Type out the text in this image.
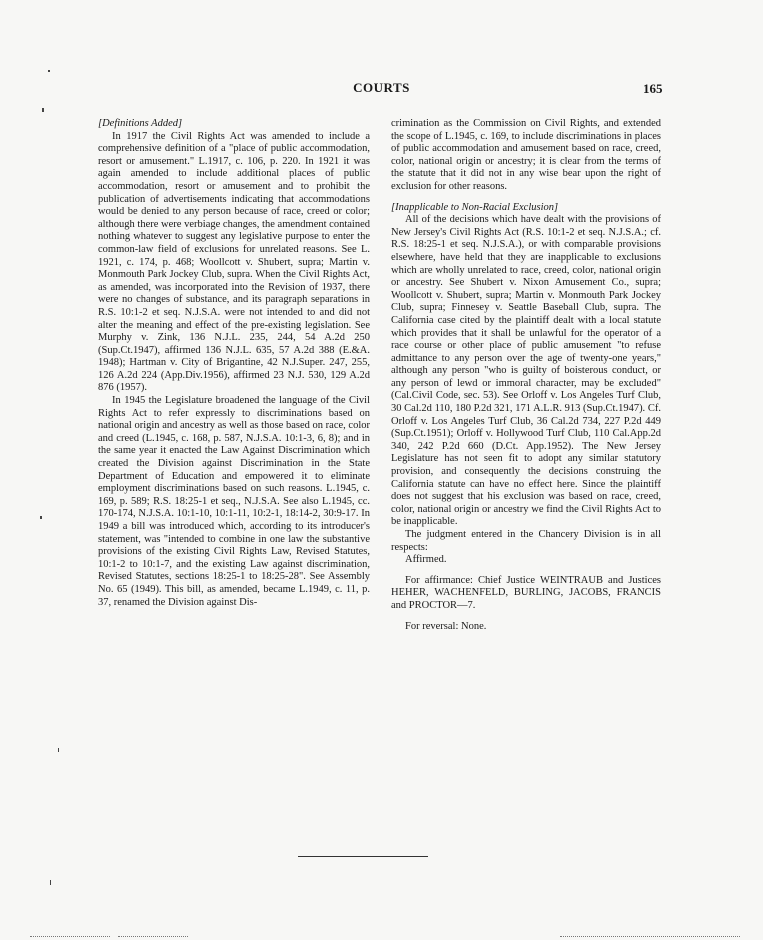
COURTS	165

[Definitions Added]

In 1917 the Civil Rights Act was amended to include a comprehensive definition of a "place of public accommodation, resort or amusement." L.1917, c. 106, p. 220. In 1921 it was again amended to include additional places of public accommodation, resort or amusement and to prohibit the publication of advertisements indicating that accommodations would be denied to any person because of race, creed or color; although there were verbiage changes, the amendment contained nothing whatever to suggest any legislative purpose to enter the common-law field of exclusions for unrelated reasons. See L. 1921, c. 174, p. 468; Woollcott v. Shubert, supra; Martin v. Monmouth Park Jockey Club, supra. When the Civil Rights Act, as amended, was incorporated into the Revision of 1937, there were no changes of substance, and its paragraph separations in R.S. 10:1-2 et seq. N.J.S.A. were not intended to and did not alter the meaning and effect of the pre-existing legislation. See Murphy v. Zink, 136 N.J.L. 235, 244, 54 A.2d 250 (Sup.Ct.1947), affirmed 136 N.J.L. 635, 57 A.2d 388 (E.&A. 1948); Hartman v. City of Brigantine, 42 N.J.Super. 247, 255, 126 A.2d 224 (App.Div.1956), affirmed 23 N.J. 530, 129 A.2d 876 (1957).

In 1945 the Legislature broadened the language of the Civil Rights Act to refer expressly to discriminations based on national origin and ancestry as well as those based on race, color and creed (L.1945, c. 168, p. 587, N.J.S.A. 10:1-3, 6, 8); and in the same year it enacted the Law Against Discrimination which created the Division against Discrimination in the State Department of Education and empowered it to eliminate employment discriminations based on such reasons. L.1945, c. 169, p. 589; R.S. 18:25-1 et seq., N.J.S.A. See also L.1945, cc. 170-174, N.J.S.A. 10:1-10, 10:1-11, 10:2-1, 18:14-2, 30:9-17. In 1949 a bill was introduced which, according to its introducer's statement, was "intended to combine in one law the substantive provisions of the existing Civil Rights Law, Revised Statutes, 10:1-2 to 10:1-7, and the existing Law against discrimination, Revised Statutes, sections 18:25-1 to 18:25-28". See Assembly No. 65 (1949). This bill, as amended, became L.1949, c. 11, p. 37, renamed the Division against Dis-

crimination as the Commission on Civil Rights, and extended the scope of L.1945, c. 169, to include discriminations in places of public accommodation and amusement based on race, creed, color, national origin or ancestry; it is clear from the terms of the statute that it did not in any wise bear upon the right of exclusion for other reasons.

[Inapplicable to Non-Racial Exclusion]

All of the decisions which have dealt with the provisions of New Jersey's Civil Rights Act (R.S. 10:1-2 et seq. N.J.S.A.; cf. R.S. 18:25-1 et seq. N.J.S.A.), or with comparable provisions elsewhere, have held that they are inapplicable to exclusions which are wholly unrelated to race, creed, color, national origin or ancestry. See Shubert v. Nixon Amusement Co., supra; Woollcott v. Shubert, supra; Martin v. Monmouth Park Jockey Club, supra; Finnesey v. Seattle Baseball Club, supra. The California case cited by the plaintiff dealt with a local statute which provides that it shall be unlawful for the operator of a race course or other place of public amusement "to refuse admittance to any person over the age of twenty-one years," although any person "who is guilty of boisterous conduct, or any person of lewd or immoral character, may be excluded" (Cal.Civil Code, sec. 53). See Orloff v. Los Angeles Turf Club, 30 Cal.2d 110, 180 P.2d 321, 171 A.L.R. 913 (Sup.Ct.1947). Cf. Orloff v. Los Angeles Turf Club, 36 Cal.2d 734, 227 P.2d 449 (Sup.Ct.1951); Orloff v. Hollywood Turf Club, 110 Cal.App.2d 340, 242 P.2d 660 (D.Ct. App.1952). The New Jersey Legislature has not seen fit to adopt any similar statutory provision, and consequently the decisions construing the California statute can have no effect here. Since the plaintiff does not suggest that his exclusion was based on race, creed, color, national origin or ancestry we find the Civil Rights Act to be inapplicable.

The judgment entered in the Chancery Division is in all respects:

Affirmed.

For affirmance: Chief Justice WEINTRAUB and Justices HEHER, WACHENFELD, BURLING, JACOBS, FRANCIS and PROCTOR—7.

For reversal: None.
